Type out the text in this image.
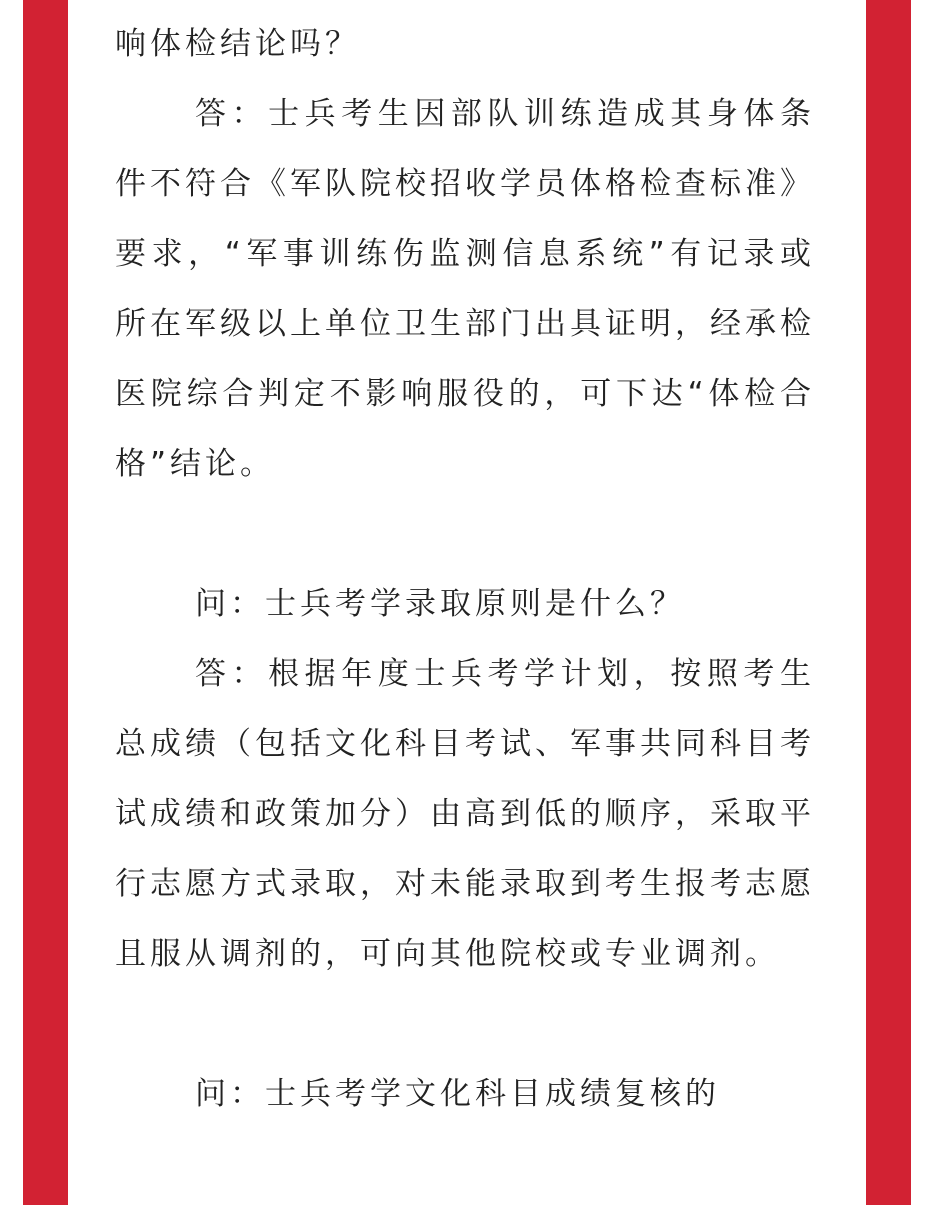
响体检结论吗？

答：士兵考生因部队训练造成其身体条件不符合《军队院校招收学员体格检查标准》要求，“军事训练伤监测信息系统”有记录或所在军级以上单位卫生部门出具证明，经承检医院综合判定不影响服役的，可下达“体检合格”结论。

问：士兵考学录取原则是什么？

答：根据年度士兵考学计划，按照考生总成绩（包括文化科目考试、军事共同科目考试成绩和政策加分）由高到低的顺序，采取平行志愿方式录取，对未能录取到考生报考志愿且服从调剂的，可向其他院校或专业调剂。

问：士兵考学文化科目成绩复核的
